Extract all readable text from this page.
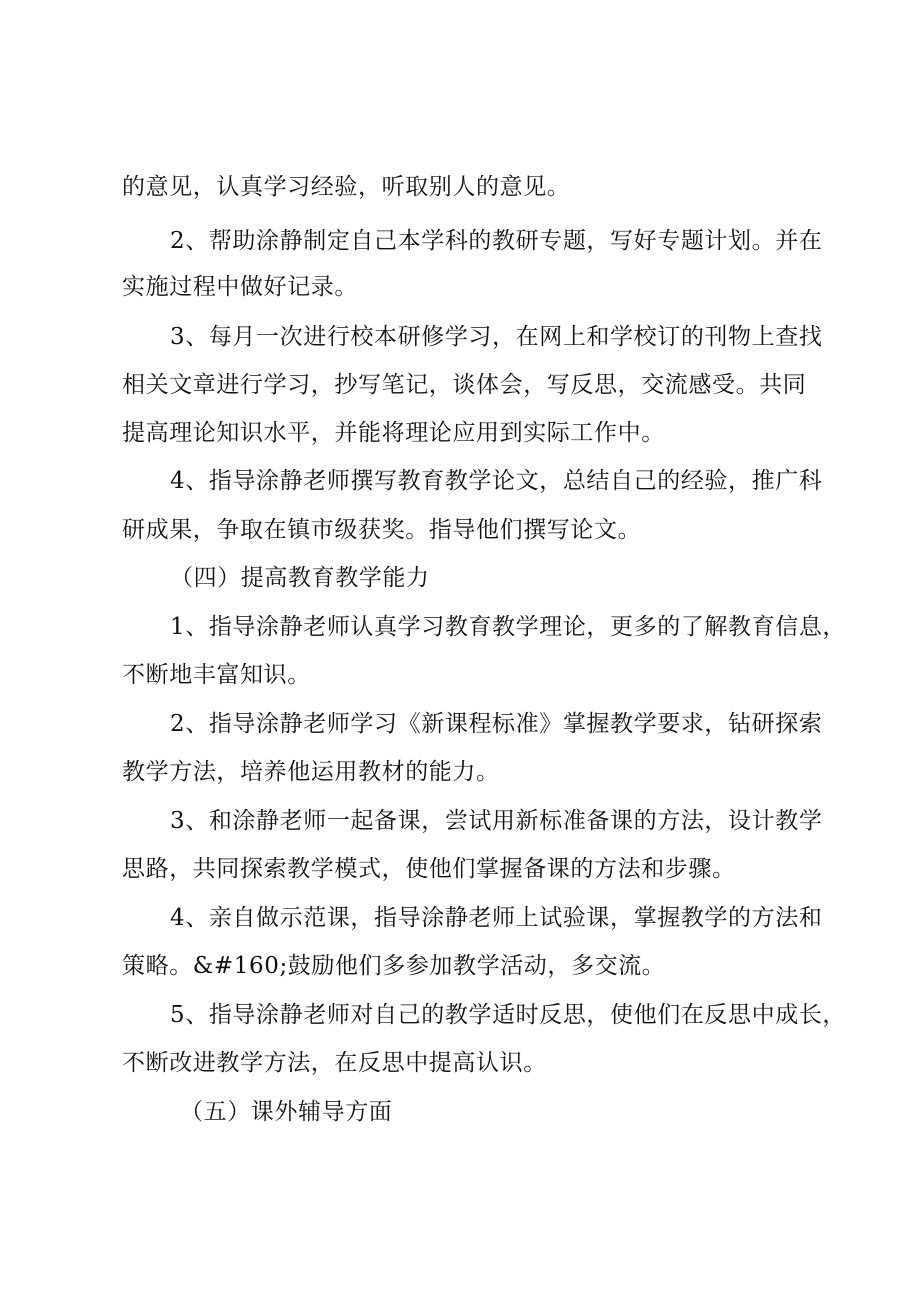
的意见，认真学习经验，听取别人的意见。
2、帮助涂静制定自己本学科的教研专题，写好专题计划。并在
实施过程中做好记录。
3、每月一次进行校本研修学习，在网上和学校订的刊物上查找
相关文章进行学习，抄写笔记，谈体会，写反思，交流感受。共同
提高理论知识水平，并能将理论应用到实际工作中。
4、指导涂静老师撰写教育教学论文，总结自己的经验，推广科
研成果，争取在镇市级获奖。指导他们撰写论文。
（四）提高教育教学能力
1、指导涂静老师认真学习教育教学理论，更多的了解教育信息，
不断地丰富知识。
2、指导涂静老师学习《新课程标准》掌握教学要求，钻研探索
教学方法，培养他运用教材的能力。
3、和涂静老师一起备课，尝试用新标准备课的方法，设计教学
思路，共同探索教学模式，使他们掌握备课的方法和步骤。
4、亲自做示范课，指导涂静老师上试验课，掌握教学的方法和
策略。&#160;鼓励他们多参加教学活动，多交流。
5、指导涂静老师对自己的教学适时反思，使他们在反思中成长，
不断改进教学方法，在反思中提高认识。
（五）课外辅导方面
